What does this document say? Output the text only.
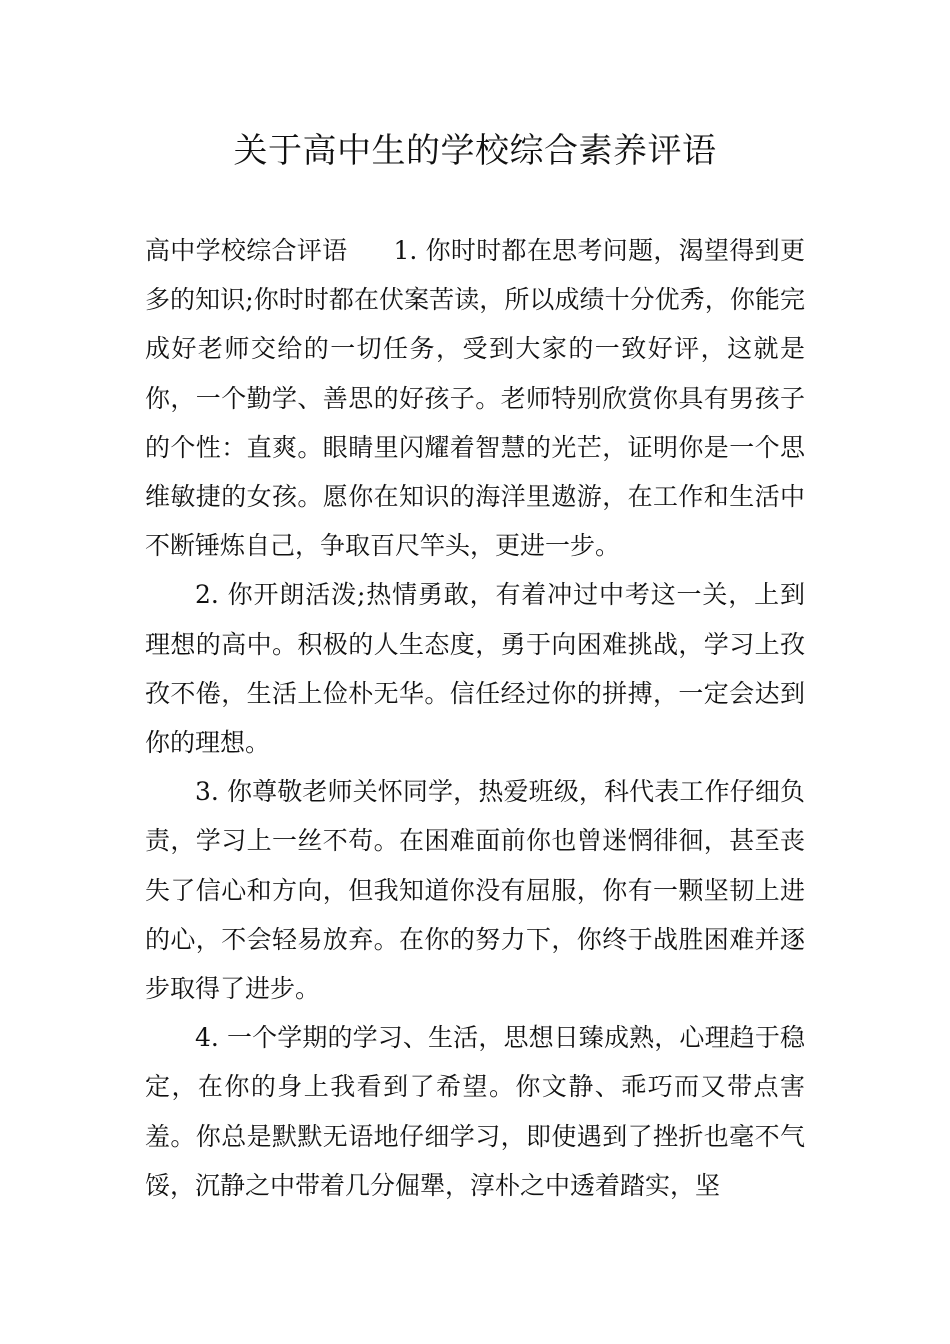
关于高中生的学校综合素养评语

高中学校综合评语 1. 你时时都在思考问题，渴望得到更多的知识;你时时都在伏案苦读，所以成绩十分优秀，你能完成好老师交给的一切任务，受到大家的一致好评，这就是你，一个勤学、善思的好孩子。老师特别欣赏你具有男孩子的个性：直爽。眼睛里闪耀着智慧的光芒，证明你是一个思维敏捷的女孩。愿你在知识的海洋里遨游，在工作和生活中不断锤炼自己，争取百尺竿头，更进一步。

2. 你开朗活泼;热情勇敢，有着冲过中考这一关，上到理想的高中。积极的人生态度，勇于向困难挑战，学习上孜孜不倦，生活上俭朴无华。信任经过你的拼搏，一定会达到你的理想。

3. 你尊敬老师关怀同学，热爱班级，科代表工作仔细负责，学习上一丝不苟。在困难面前你也曾迷惘徘徊，甚至丧失了信心和方向，但我知道你没有屈服，你有一颗坚韧上进的心，不会轻易放弃。在你的努力下，你终于战胜困难并逐步取得了进步。

4. 一个学期的学习、生活，思想日臻成熟，心理趋于稳定，在你的身上我看到了希望。你文静、乖巧而又带点害羞。你总是默默无语地仔细学习，即使遇到了挫折也毫不气馁，沉静之中带着几分倔犟，淳朴之中透着踏实，坚
